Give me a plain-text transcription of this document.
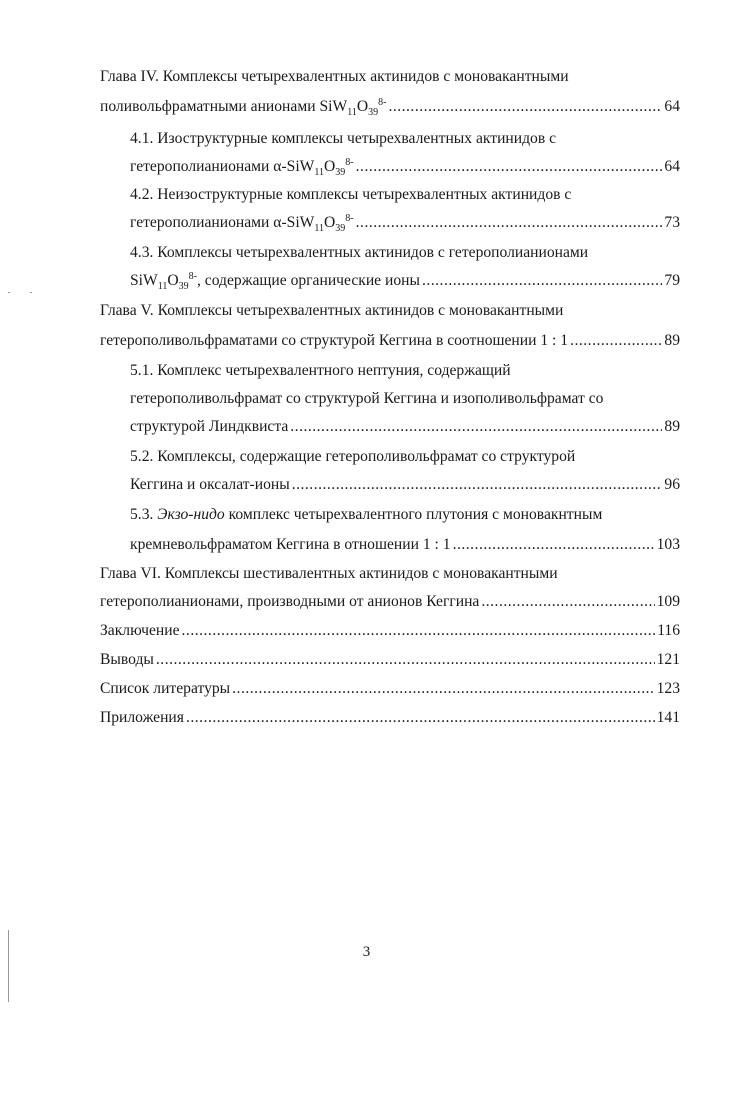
Глава IV. Комплексы четырехвалентных актинидов с моновакантными
поливольфраматными анионами $SiW_{11}O_{39}^{8-}$ .....	64
4.1. Изоструктурные комплексы четырехвалентных актинидов с
гетерополианионами $\alpha-SiW_{11}O_{39}^{8-}$ .....	64
4.2. Неизоструктурные комплексы четырехвалентных актинидов с
гетерополианионами $\alpha-SiW_{11}O_{39}^{8-}$ .....	73
4.3. Комплексы четырехвалентных актинидов с гетерополианионами
$SiW_{11}O_{39}^{8-}$, содержащие органические ионы .....	79
Глава V. Комплексы четырехвалентных актинидов с моновакантными
гетерополивольфраматами со структурой Кеггина в соотношении 1 : 1 .....	89
5.1. Комплекс четырехвалентного нептуния, содержащий
гетерополивольфрамат со структурой Кеггина и изополивольфрамат со
структурой Линдквиста .....	89
5.2. Комплексы, содержащие гетерополивольфрамат со структурой
Кеггина и оксалат-ионы .....	96
5.3. Экзо-нидо комплекс четырехвалентного плутония с моновакнтным
кремневольфраматом Кеггина в отношении 1 : 1 .....	103
Глава VI. Комплексы шестивалентных актинидов с моновакантными
гетерополианионами, производными от анионов Кеггина .....	109
Заключение .....	116
Выводы .....	121
Список литературы .....	123
Приложения .....	141
3
